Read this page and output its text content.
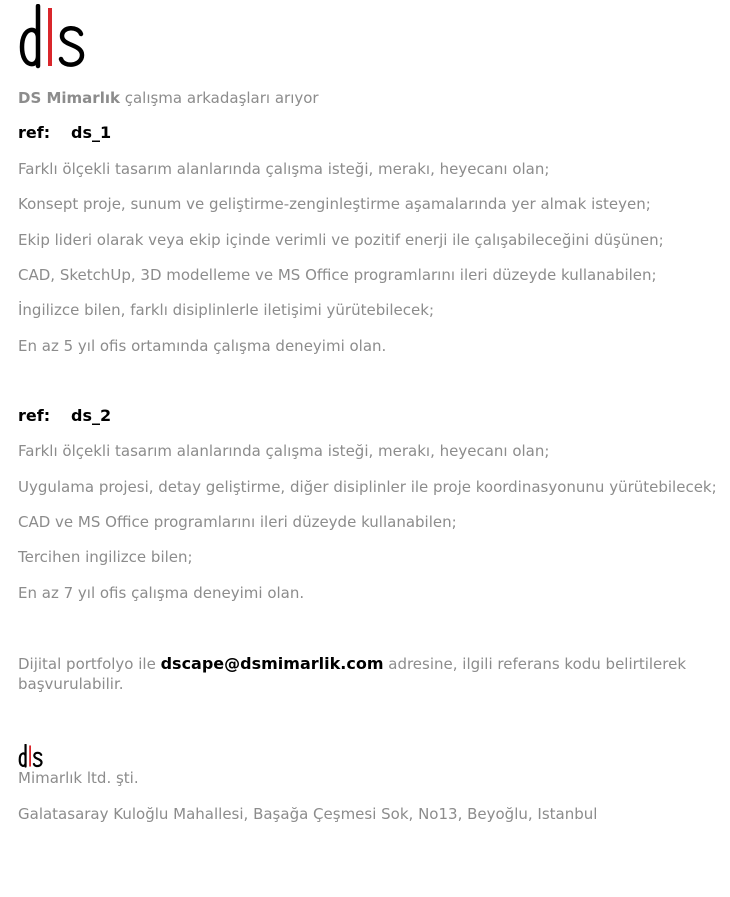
DS Mimarlık çalışma arkadaşları arıyor
ref: ds_1
Farklı ölçekli tasarım alanlarında çalışma isteği, merakı, heyecanı olan;
Konsept proje, sunum ve geliştirme-zenginleştirme aşamalarında yer almak isteyen;
Ekip lideri olarak veya ekip içinde verimli ve pozitif enerji ile çalışabileceğini düşünen;
CAD, SketchUp, 3D modelleme ve MS Office programlarını ileri düzeyde kullanabilen;
İngilizce bilen, farklı disiplinlerle iletişimi yürütebilecek;
En az 5 yıl ofis ortamında çalışma deneyimi olan.
ref: ds_2
Farklı ölçekli tasarım alanlarında çalışma isteği, merakı, heyecanı olan;
Uygulama projesi, detay geliştirme, diğer disiplinler ile proje koordinasyonunu yürütebilecek;
CAD ve MS Office programlarını ileri düzeyde kullanabilen;
Tercihen ingilizce bilen;
En az 7 yıl ofis çalışma deneyimi olan.
Dijital portfolyo ile dscape@dsmimarlik.com adresine, ilgili referans kodu belirtilerek başvurulabilir.
Mimarlık ltd. şti.
Galatasaray Kuloğlu Mahallesi, Başağa Çeşmesi Sok, No13, Beyoğlu, Istanbul
